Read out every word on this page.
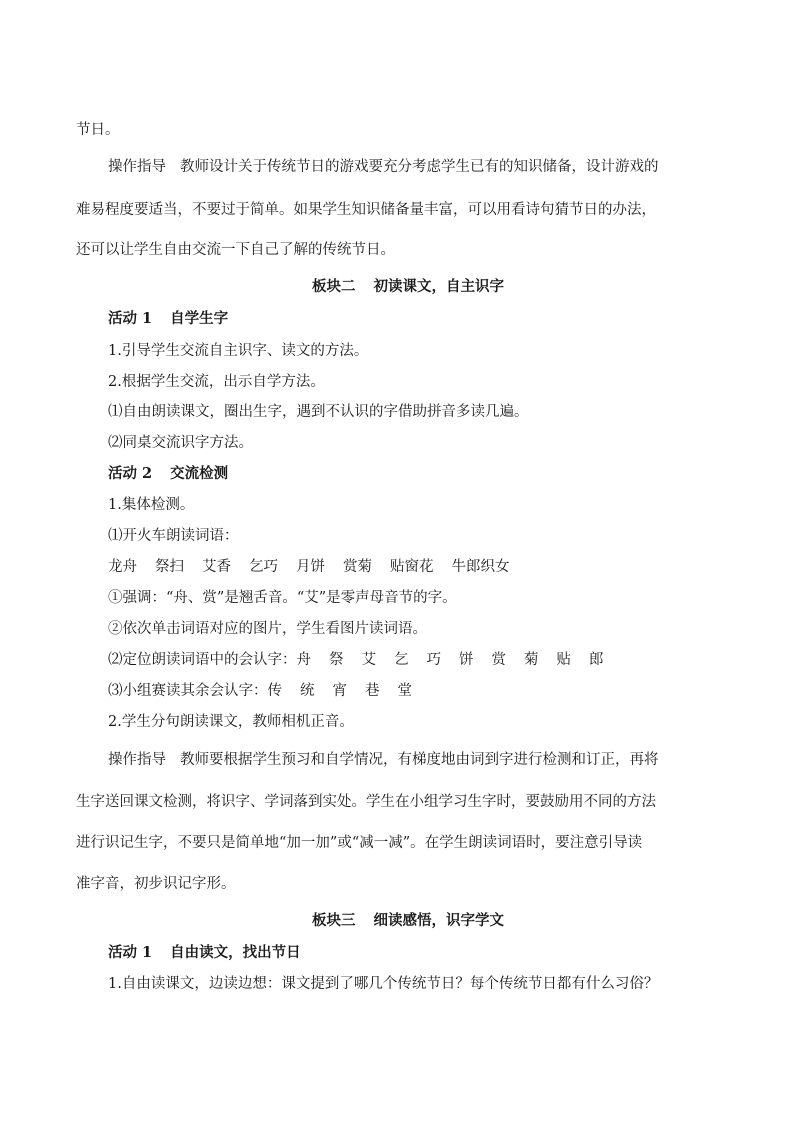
节日。
操作指导 教师设计关于传统节日的游戏要充分考虑学生已有的知识储备，设计游戏的
难易程度要适当，不要过于简单。如果学生知识储备量丰富，可以用看诗句猜节日的办法，
还可以让学生自由交流一下自己了解的传统节日。
板块二 初读课文，自主识字
活动 1 自学生字
1.引导学生交流自主识字、读文的方法。
2.根据学生交流，出示自学方法。
⑴自由朗读课文，圈出生字，遇到不认识的字借助拼音多读几遍。
⑵同桌交流识字方法。
活动 2 交流检测
1.集体检测。
⑴开火车朗读词语：
龙舟 祭扫 艾香 乞巧 月饼 赏菊 贴窗花 牛郎织女
①强调：“舟、赏”是翘舌音。“艾”是零声母音节的字。
②依次单击词语对应的图片，学生看图片读词语。
⑵定位朗读词语中的会认字：舟 祭 艾 乞 巧 饼 赏 菊 贴 郎
⑶小组赛读其余会认字：传 统 宵 巷 堂
2.学生分句朗读课文，教师相机正音。
操作指导 教师要根据学生预习和自学情况，有梯度地由词到字进行检测和订正，再将
生字送回课文检测，将识字、学词落到实处。学生在小组学习生字时，要鼓励用不同的方法
进行识记生字，不要只是简单地“加一加”或“减一减”。在学生朗读词语时，要注意引导读
准字音，初步识记字形。
板块三 细读感悟，识字学文
活动 1 自由读文，找出节日
1.自由读课文，边读边想：课文提到了哪几个传统节日？每个传统节日都有什么习俗？
